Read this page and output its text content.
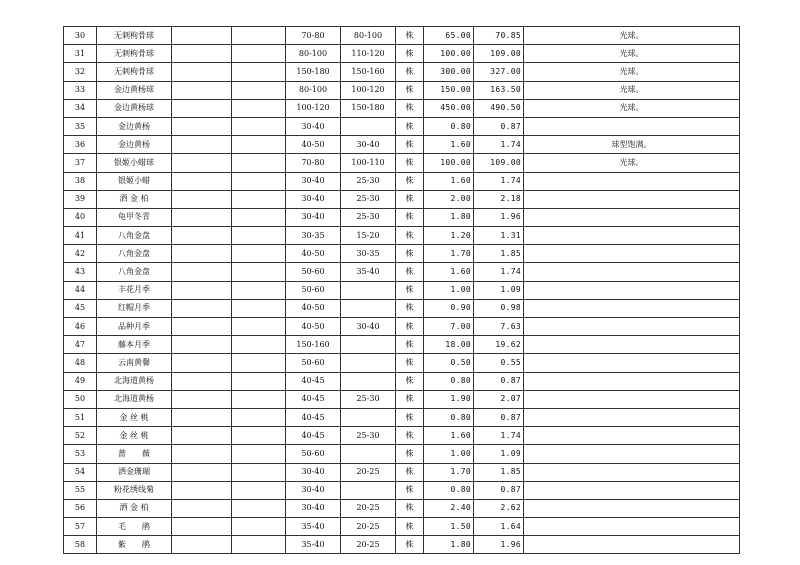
30	无刺枸骨球			70-80	80-100	株	65.00	70.85	光球。
31	无刺枸骨球			80-100	110-120	株	100.00	109.00	光球。
32	无刺枸骨球			150-180	150-160	株	300.00	327.00	光球。
33	金边黄杨球			80-100	100-120	株	150.00	163.50	光球。
34	金边黄杨球			100-120	150-180	株	450.00	490.50	光球。
35	金边黄杨			30-40		株	0.80	0.87	
36	金边黄杨			40-50	30-40	株	1.60	1.74	球型饱满。
37	银姬小蜡球			70-80	100-110	株	100.00	109.00	光球。
38	银姬小蜡			30-40	25-30	株	1.60	1.74	
39	洒 金 柏			30-40	25-30	株	2.00	2.18	
40	龟甲冬青			30-40	25-30	株	1.80	1.96	
41	八角金盘			30-35	15-20	株	1.20	1.31	
42	八角金盘			40-50	30-35	株	1.70	1.85	
43	八角金盘			50-60	35-40	株	1.60	1.74	
44	丰花月季			50-60		株	1.00	1.09	
45	红帽月季			40-50		株	0.90	0.98	
46	品种月季			40-50	30-40	株	7.00	7.63	
47	藤本月季			150-160		株	18.00	19.62	
48	云南黄馨			50-60		株	0.50	0.55	
49	北海道黄杨			40-45		株	0.80	0.87	
50	北海道黄杨			40-45	25-30	株	1.90	2.07	
51	金 丝 桃			40-45		株	0.80	0.87	
52	金 丝 桃			40-45	25-30	株	1.60	1.74	
53	蔷　　薇			50-60		株	1.00	1.09	
54	洒金珊瑚			30-40	20-25	株	1.70	1.85	
55	粉花绣线菊			30-40		株	0.80	0.87	
56	洒 金 柏			30-40	20-25	株	2.40	2.62	
57	毛　　鹃			35-40	20-25	株	1.50	1.64	
58	紫　　鹃			35-40	20-25	株	1.80	1.96	
